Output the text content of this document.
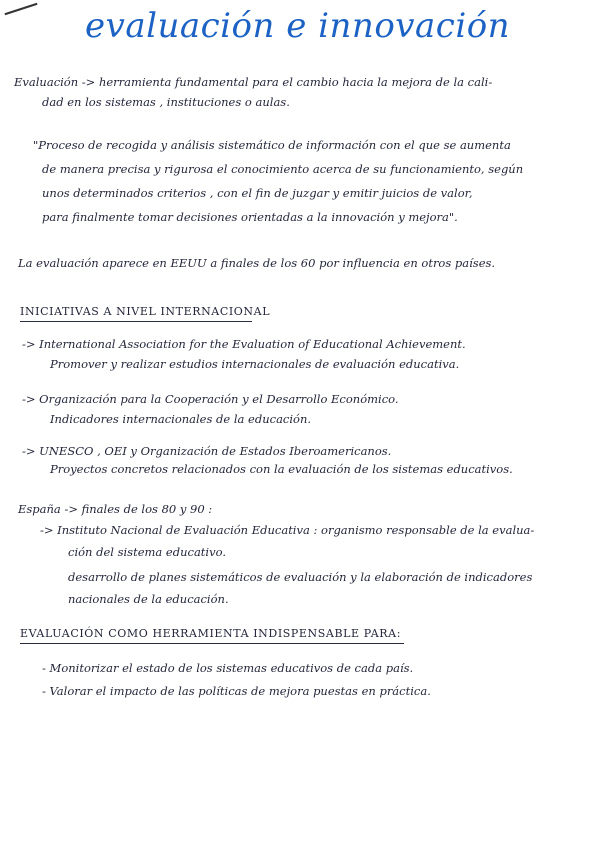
evaluación e innovación
Evaluación -> herramienta fundamental para el cambio hacia la mejora de la cali-
dad en los sistemas , instituciones o aulas.
"Proceso de recogida y análisis sistemático de información con el que se aumenta
de manera precisa y rigurosa el conocimiento acerca de su funcionamiento, según
unos determinados criterios , con el fin de juzgar y emitir juicios de valor,
para finalmente tomar decisiones orientadas a la innovación y mejora".
La evaluación aparece en EEUU a finales de los 60 por influencia en otros países.
INICIATIVAS A NIVEL INTERNACIONAL
-> International Association for the Evaluation of Educational Achievement.
Promover y realizar estudios internacionales de evaluación educativa.
-> Organización para la Cooperación y el Desarrollo Económico.
Indicadores internacionales de la educación.
-> UNESCO , OEI y Organización de Estados Iberoamericanos.
Proyectos concretos relacionados con la evaluación de los sistemas educativos.
España -> finales de los 80 y 90 :
-> Instituto Nacional de Evaluación Educativa : organismo responsable de la evalua-
ción del sistema educativo.
desarrollo de planes sistemáticos de evaluación y la elaboración de indicadores
nacionales de la educación.
EVALUACIÓN COMO HERRAMIENTA INDISPENSABLE PARA:
- Monitorizar el estado de los sistemas educativos de cada país.
- Valorar el impacto de las políticas de mejora puestas en práctica.
